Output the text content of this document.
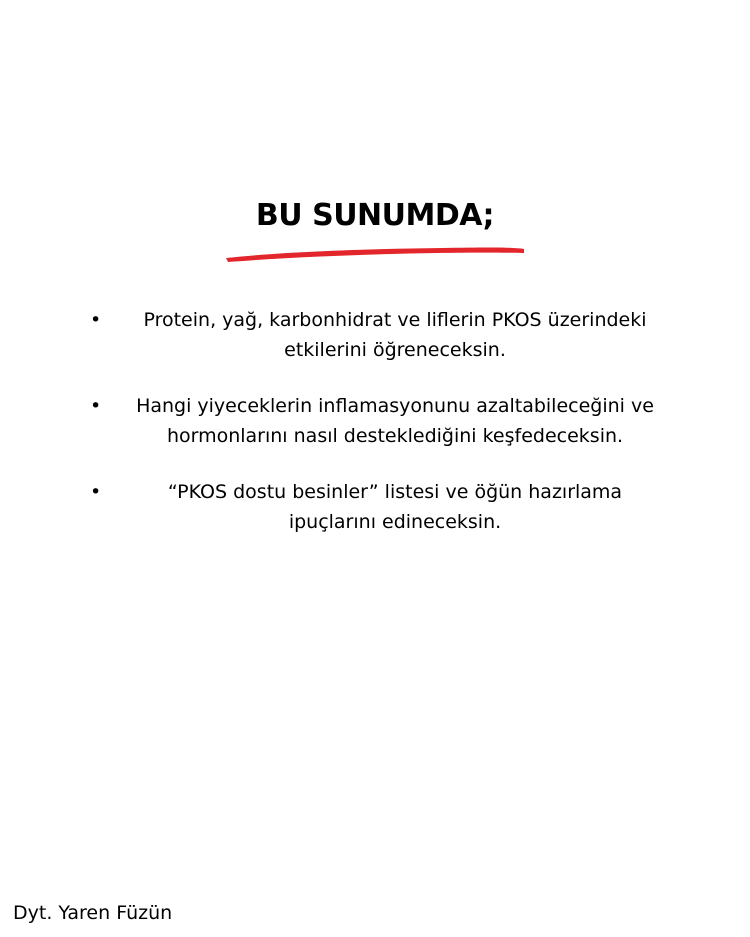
BU SUNUMDA;
•	Protein, yağ, karbonhidrat ve liflerin PKOS üzerindeki
etkilerini öğreneceksin.
•	Hangi yiyeceklerin inflamasyonunu azaltabileceğini ve
hormonlarını nasıl desteklediğini keşfedeceksin.
•	“PKOS dostu besinler” listesi ve öğün hazırlama
ipuçlarını edineceksin.
Dyt. Yaren Füzün
